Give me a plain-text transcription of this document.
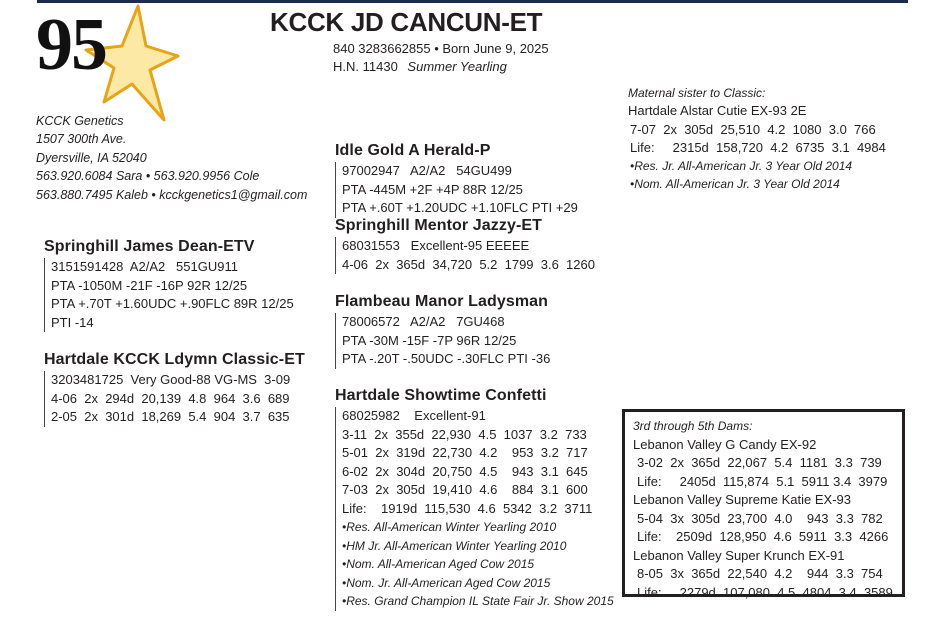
95	KCCK JD CANCUN-ET
840 3283662855 • Born June 9, 2025
H.N. 11430 Summer Yearling
KCCK Genetics
1507 300th Ave.
Dyersville, IA 52040
563.920.6084 Sara • 563.920.9956 Cole
563.880.7495 Kaleb • kcckgenetics1@gmail.com
Springhill James Dean-ETV
3151591428  A2/A2   551GU911
PTA -1050M -21F -16P 92R 12/25
PTA +.70T +1.60UDC +.90FLC 89R 12/25
PTI -14
Hartdale KCCK Ldymn Classic-ET
3203481725  Very Good-88 VG-MS  3-09
4-06  2x  294d  20,139  4.8  964  3.6  689
2-05  2x  301d  18,269  5.4  904  3.7  635
Idle Gold A Herald-P
97002947   A2/A2   54GU499
PTA -445M +2F +4P 88R 12/25
PTA +.60T +1.20UDC +1.10FLC PTI +29
Springhill Mentor Jazzy-ET
68031553   Excellent-95 EEEEE
4-06  2x  365d  34,720  5.2  1799  3.6  1260
Flambeau Manor Ladysman
78006572   A2/A2   7GU468
PTA -30M -15F -7P 96R 12/25
PTA -.20T -.50UDC -.30FLC PTI -36
Hartdale Showtime Confetti
68025982    Excellent-91
3-11  2x  355d  22,930  4.5  1037  3.2  733
5-01  2x  319d  22,730  4.2    953  3.2  717
6-02  2x  304d  20,750  4.5    943  3.1  645
7-03  2x  305d  19,410  4.6    884  3.1  600
Life:    1919d  115,530  4.6  5342  3.2  3711
•Res. All-American Winter Yearling 2010
•HM Jr. All-American Winter Yearling 2010
•Nom. All-American Aged Cow 2015
•Nom. Jr. All-American Aged Cow 2015
•Res. Grand Champion IL State Fair Jr. Show 2015
Maternal sister to Classic:
Hartdale Alstar Cutie EX-93 2E
7-07  2x  305d  25,510  4.2  1080  3.0  766
Life:     2315d  158,720  4.2  6735  3.1  4984
•Res. Jr. All-American Jr. 3 Year Old 2014
•Nom. All-American Jr. 3 Year Old 2014
3rd through 5th Dams:
Lebanon Valley G Candy EX-92
3-02  2x  365d  22,067  5.4  1181  3.3  739
Life:     2405d  115,874  5.1  5911 3.4  3979
Lebanon Valley Supreme Katie EX-93
5-04  3x  305d  23,700  4.0    943  3.3  782
Life:    2509d  128,950  4.6  5911  3.3  4266
Lebanon Valley Super Krunch EX-91
8-05  3x  365d  22,540  4.2    944  3.3  754
Life:     2279d  107,080  4.5  4804  3.4  3589
